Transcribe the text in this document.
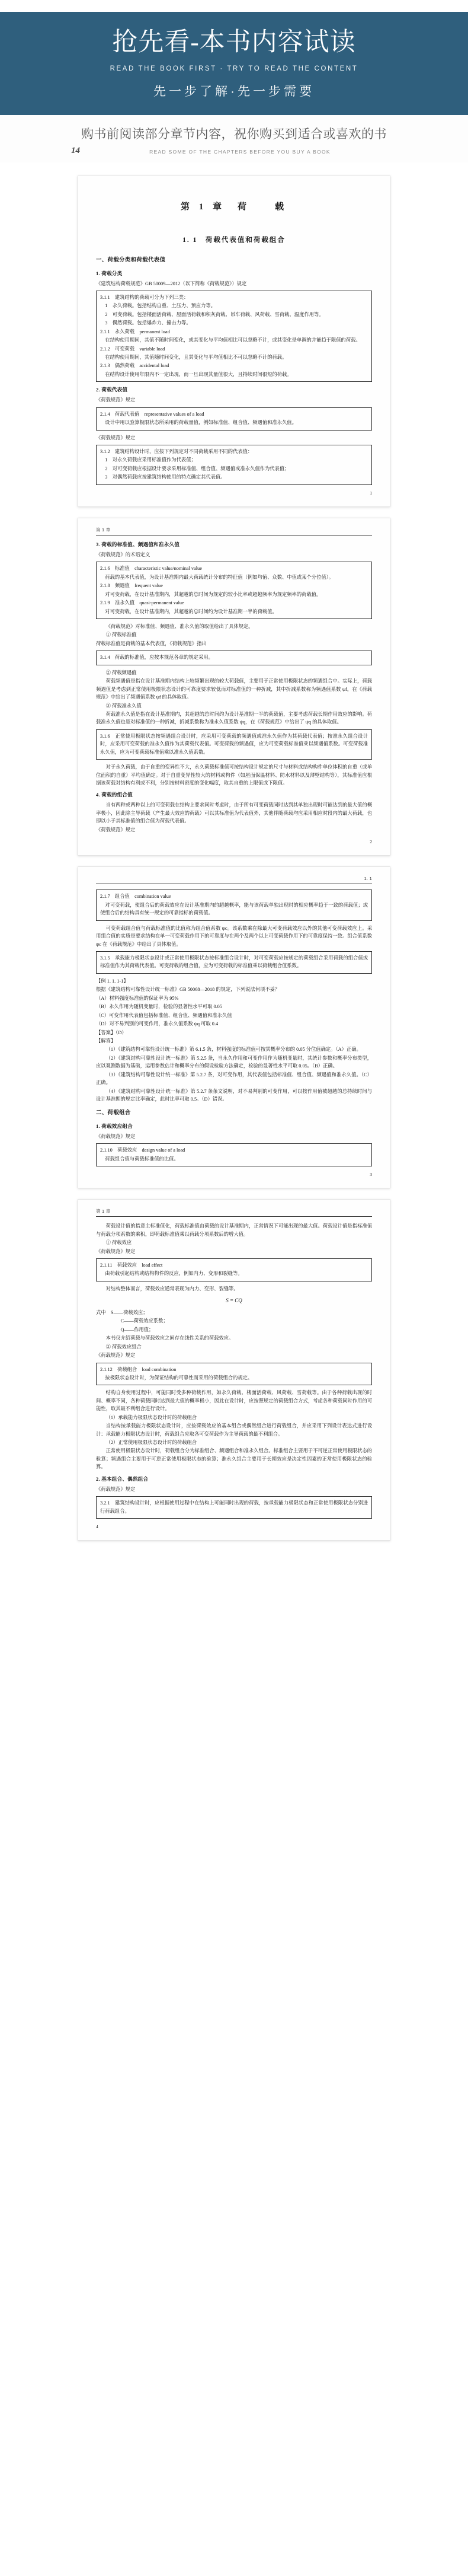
抢先看-本书内容试读
READ THE BOOK FIRST · TRY TO READ THE CONTENT
先一步了解·先一步需要
购书前阅读部分章节内容，祝你购买到适合或喜欢的书
14	READ SOME OF THE CHAPTERS BEFORE YOU BUY A BOOK
第 1 章　荷　　载
1. 1　荷载代表值和荷载组合
一、荷载分类和荷载代表值
1. 荷载分类

《建筑结构荷载规范》GB 50009—2012（以下简称《荷载规范》）规定

3.1.1　建筑结构的荷载可分为下列三类：

　1　永久荷载。包括结构自重、土压力、预应力等。

　2　可变荷载。包括楼面活荷载、屋面活荷载和积灰荷载、吊车荷载、风荷载、雪荷载、温度作用等。

　3　偶然荷载。包括爆炸力、撞击力等。

2.1.1　永久荷载　permanent load

　在结构使用期间，其值不随时间变化，或其变化与平均值相比可以忽略不计，或其变化是单调的并能趋于限值的荷载。

2.1.2　可变荷载　variable load

　在结构使用期间，其值随时间变化，且其变化与平均值相比不可以忽略不计的荷载。

2.1.3　偶然荷载　accidental load

　在结构设计使用年限内不一定出现，而一旦出现其量值很大，且持续时间很短的荷载。

2. 荷载代表值

《荷载规范》规定

2.1.4　荷载代表值　representative values of a load

　设计中用以验算极限状态所采用的荷载量值，例如标准值、组合值、频遇值和准永久值。

《荷载规范》规定

3.1.2　建筑结构设计时，应按下列规定对不同荷载采用不同的代表值：

　1　对永久荷载应采用标准值作为代表值；

　2　对可变荷载应根据设计要求采用标准值、组合值、频遇值或准永久值作为代表值；

　3　对偶然荷载应按建筑结构使用的特点确定其代表值。

1
第 1 章
3. 荷载的标准值、频遇值和准永久值

《荷载规范》的术语定义

2.1.6　标准值　characteristic value/nominal value

　荷载的基本代表值，为设计基准期内最大荷载统计分布的特征值（例如均值、众数、中值或某个分位值）。

2.1.8　频遇值　frequent value

　对可变荷载，在设计基准期内，其超越的总时间为规定的较小比率或超越频率为规定频率的荷载值。

2.1.9　准永久值　quasi-permanent value

　对可变荷载，在设计基准期内，其超越的总时间约为设计基准期一半的荷载值。

《荷载规范》对标准值、频遇值、准永久值的取值给出了具体规定。

① 荷载标准值

荷载标准值是荷载的基本代表值，《荷载规范》指出

3.1.4　荷载的标准值，应按本规范各章的规定采用。

② 荷载频遇值

荷载频遇值是指在设计基准期内结构上较频繁出现的较大荷载值，主要用于正常使用极限状态的频遇组合中。实际上，荷载频遇值是考虑到正常使用极限状态设计的可靠度要求较低而对标准值的一种折减，其中折减系数称为频遇值系数 ψf，在《荷载规范》中给出了频遇值系数 ψf 的具体取值。

③ 荷载准永久值

荷载准永久值是指在设计基准期内，其超越的总时间约为设计基准期一半的荷载值，主要考虑荷载长期作用效应的影响。荷载准永久值也是对标准值的一种折减，折减系数称为准永久值系数 ψq，在《荷载规范》中给出了 ψq 的具体取值。

3.1.6　正常使用极限状态按频遇组合设计时，应采用可变荷载的频遇值或准永久值作为其荷载代表值；按准永久组合设计时，应采用可变荷载的准永久值作为其荷载代表值。可变荷载的频遇值，应为可变荷载标准值乘以频遇值系数。可变荷载准永久值，应为可变荷载标准值乘以准永久值系数。

对于永久荷载，由于自重的变异性不大，永久荷载标准值可按结构设计规定的尺寸与材料或结构构件单位体积的自重（或单位面积的自重）平均值确定。对于自重变异性较大的材料或构件（如屋面保温材料、防水材料以及薄壁结构等），其标准值应根据该荷载对结构有利或不利，分别按材料密度的变化幅度，取其自重的上限值或下限值。

4. 荷载的组合值

当有两种或两种以上的可变荷载在结构上要求同时考虑时，由于所有可变荷载同时达到其单独出现时可能达到的最大值的概率极小，因此除主导荷载（产生最大效应的荷载）可以其标准值为代表值外，其他伴随荷载均应采用相应时段内的最大荷载，也即以小于其标准值的组合值为荷载代表值。

《荷载规范》规定

2
1. 1

2.1.7　组合值　combination value

　对可变荷载，使组合后的荷载效应在设计基准期内的超越概率，能与该荷载单独出现时的相应概率趋于一致的荷载值；或使组合后的结构具有统一规定的可靠指标的荷载值。

可变荷载组合值与荷载标准值的比值称为组合值系数 ψc。该系数乘在除最大可变荷载效应以外的其他可变荷载效应上。采用组合值的实质是要求结构在单一可变荷载作用下的可靠度与在两个及两个以上可变荷载作用下的可靠度保持一致。组合值系数 ψc 在《荷载规范》中给出了具体取值。

3.1.5　承载能力极限状态设计或正常使用极限状态按标准组合设计时，对可变荷载应按规定的荷载组合采用荷载的组合值或标准值作为其荷载代表值。可变荷载的组合值，应为可变荷载的标准值乘以荷载组合值系数。

【例 1. 1. 1-1】

根据《建筑结构可靠性设计统一标准》GB 50068—2018 的规定，下列说法何项不妥？

（A）材料强度标准值的保证率为 95%

（B）永久作用为随机变量时，检验的显著性水平可取 0.05

（C）可变作用代表值包括标准值、组合值、频遇值和准永久值

（D）对不易判别的可变作用，准永久值系数 ψq 可取 0.4

【答案】（D）

【解答】

（1）《建筑结构可靠性设计统一标准》第 6.1.5 条，材料强度的标准值可按其概率分布的 0.05 分位值确定。（A）正确。

（2）《建筑结构可靠性设计统一标准》第 5.2.5 条，当永久作用和可变作用作为随机变量时，其统计参数和概率分布类型，应以观测数据为基础，运用参数估计和概率分布的假设检验方法确定，检验的显著性水平可取 0.05。（B）正确。

（3）《建筑结构可靠性设计统一标准》第 5.2.7 条，对可变作用，其代表值包括标准值、组合值、频遇值和准永久值。（C）正确。

（4）《建筑结构可靠性设计统一标准》第 5.2.7 条条文说明，对不易判别的可变作用，可以按作用值被超越的总持续时间与设计基准期的规定比率确定，此时比率可取 0.5。（D）错误。

二、荷载组合
1. 荷载效应组合

《荷载规范》规定

2.1.10　荷载效应　design value of a load

　荷载组合值与荷载标准值的比值。

3
第 1 章

荷载设计值的措意主标准值化，荷载标准值由荷载的设计基准期内，正常情况下可能出现的最大值。荷载设计值是指标准值与荷载分项系数的乘积，即荷载标准值乘以荷载分项系数后的增大值。

① 荷载效应

《荷载规范》规定

2.1.11　荷载效应　load effect

　由荷载引起结构或结构构件的反应，例如内力、变形和裂缝等。

对结构整体而言，荷载效应通常表现为内力、变形、裂缝等。

S = CQ

式中　S——荷载效应；

　　　C——荷载效应系数；

　　　Q——作用值；

本书仅介绍荷载与荷载效应之间存在线性关系的荷载效应。

② 荷载效应组合

《荷载规范》规定

2.1.12　荷载组合　load combination

　按极限状态设计时，为保证结构的可靠性而采用的荷载组合的规定。

结构自身使用过程中，可能同时受多种荷载作用，如永久荷载、楼面活荷载、风荷载、雪荷载等。由于各种荷载出现的时间、概率不同，各种荷载同时达到最大值的概率极小，因此在设计时，应按照规定的荷载组合方式，考虑各种荷载同时作用的可能性，取其最不利组合进行设计。

（1）承载能力极限状态设计时的荷载组合

当结构按承载能力极限状态设计时，应按荷载效应的基本组合或偶然组合进行荷载组合，并应采用下列设计表达式进行设计：承载能力极限状态设计时，荷载组合应取各可变荷载作为主导荷载的最不利组合。

（2）正常使用极限状态设计时的荷载组合

正常使用极限状态设计时，荷载组合分为标准组合、频遇组合和准永久组合。标准组合主要用于不可逆正常使用极限状态的验算；频遇组合主要用于可逆正常使用极限状态的验算；准永久组合主要用于长期效应是决定性因素的正常使用极限状态的验算。

2. 基本组合、偶然组合

《荷载规范》规定

3.2.1　建筑结构设计时，应根据使用过程中在结构上可能同时出现的荷载，按承载能力极限状态和正常使用极限状态分别进行荷载组合。

4
